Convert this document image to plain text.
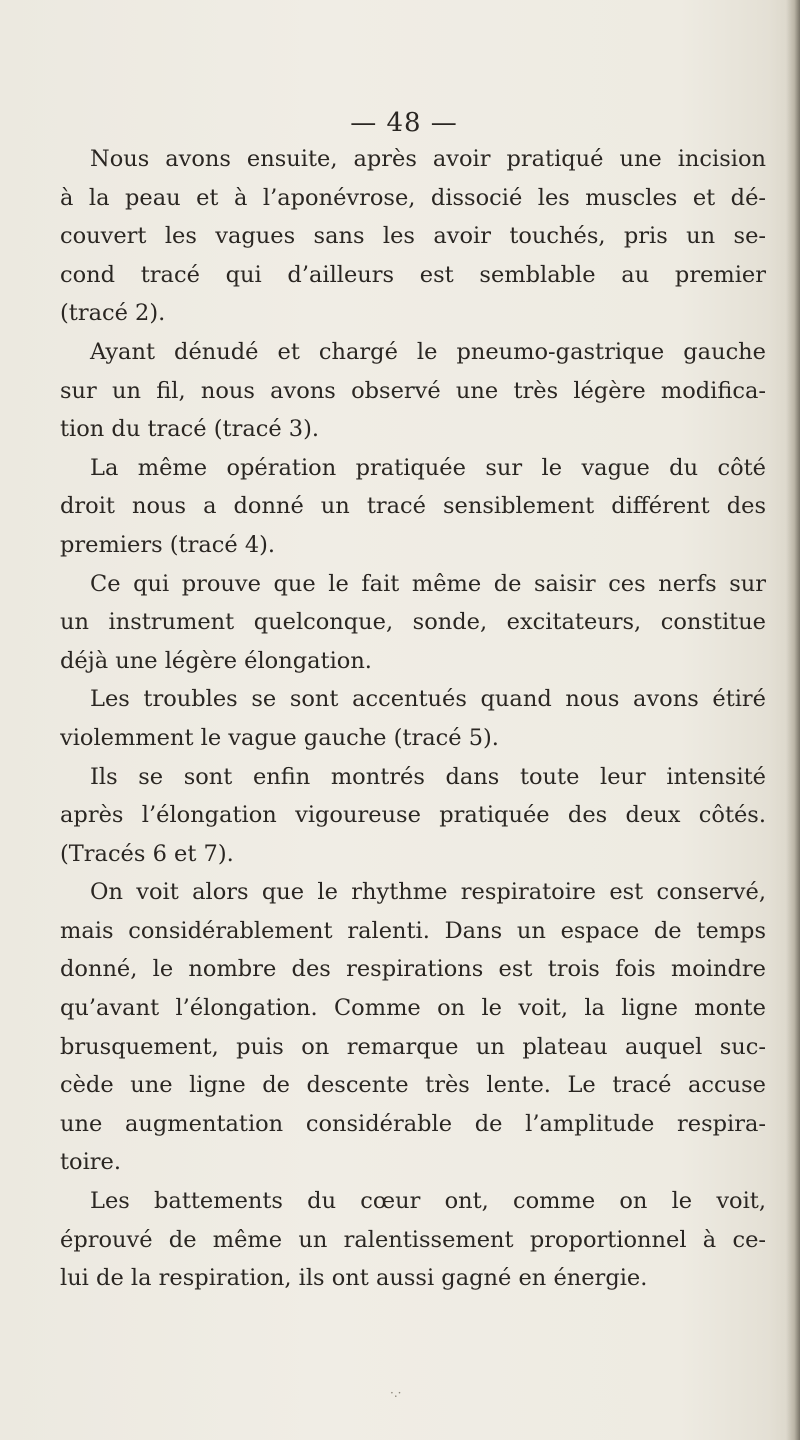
— 48 —
Nous avons ensuite, après avoir pratiqué une incision
à la peau et à l’aponévrose, dissocié les muscles et dé-
couvert les vagues sans les avoir touchés, pris un se-
cond tracé qui d’ailleurs est semblable au premier
(tracé 2).
Ayant dénudé et chargé le pneumo-gastrique gauche
sur un fil, nous avons observé une très légère modifica-
tion du tracé (tracé 3).
La même opération pratiquée sur le vague du côté
droit nous a donné un tracé sensiblement différent des
premiers (tracé 4).
Ce qui prouve que le fait même de saisir ces nerfs sur
un instrument quelconque, sonde, excitateurs, constitue
déjà une légère élongation.
Les troubles se sont accentués quand nous avons étiré
violemment le vague gauche (tracé 5).
Ils se sont enfin montrés dans toute leur intensité
après l’élongation vigoureuse pratiquée des deux côtés.
(Tracés 6 et 7).
On voit alors que le rhythme respiratoire est conservé,
mais considérablement ralenti. Dans un espace de temps
donné, le nombre des respirations est trois fois moindre
qu’avant l’élongation. Comme on le voit, la ligne monte
brusquement, puis on remarque un plateau auquel suc-
cède une ligne de descente très lente. Le tracé accuse
une augmentation considérable de l’amplitude respira-
toire.
Les battements du cœur ont, comme on le voit,
éprouvé de même un ralentissement proportionnel à ce-
lui de la respiration, ils ont aussi gagné en énergie.
·.·
